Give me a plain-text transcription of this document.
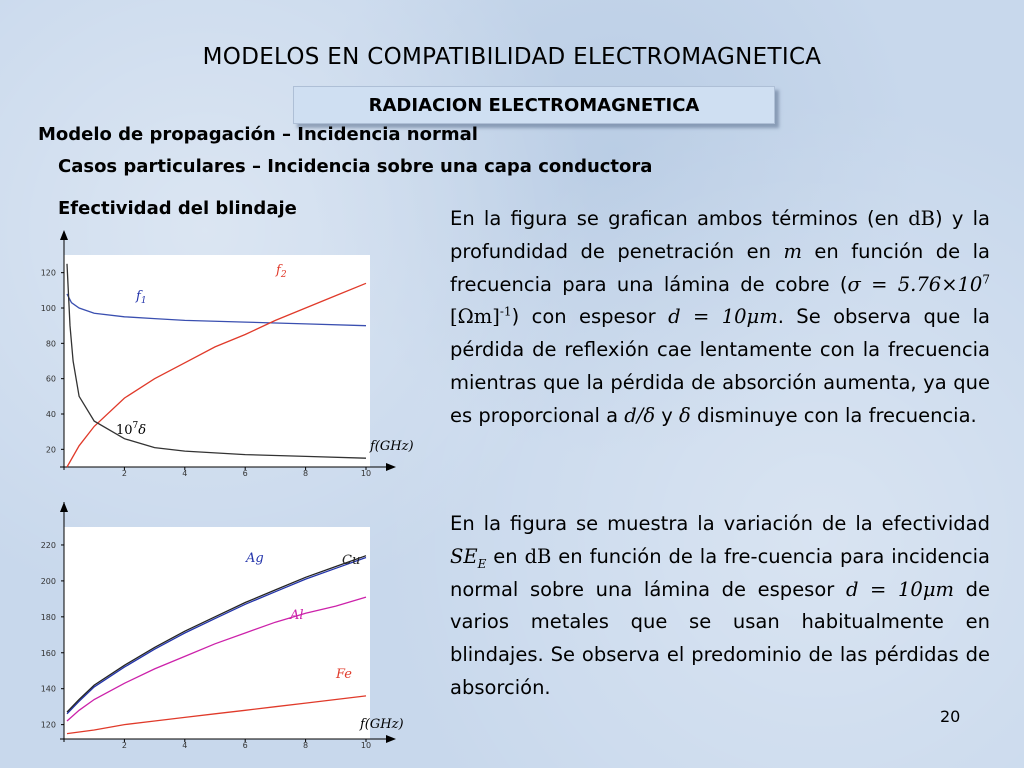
MODELOS EN COMPATIBILIDAD ELECTROMAGNETICA
RADIACION ELECTROMAGNETICA
Modelo de propagación – Incidencia normal
Casos particulares – Incidencia sobre una capa conductora
Efectividad del blindaje
20
40
60
80
100
120
2	4	6	8	10
$f_2$
$f_1$
$10^7\delta$
f(GHz)
120
140
160
180
200
220
2	4	6	8	10
Ag	Cu
Al
Fe
f(GHz)
En la figura se grafican ambos términos (en dB) y la profundidad de penetración en m en función de la frecuencia para una lámina de cobre ($\sigma = 5.76\times 10^7$ $[\Omega m]^{-1}$) con espesor d = 10μm. Se observa que la pérdida de reflexión cae lentamente con la frecuencia mientras que la pérdida de absorción aumenta, ya que es proporcional a d/δ y δ disminuye con la frecuencia.
En la figura se muestra la variación de la efectividad $SE_E$ en dB en función de la fre-cuencia para incidencia normal sobre una lámina de espesor d = 10μm de varios metales que se usan habitualmente en blindajes. Se observa el predominio de las pérdidas de absorción.
20
